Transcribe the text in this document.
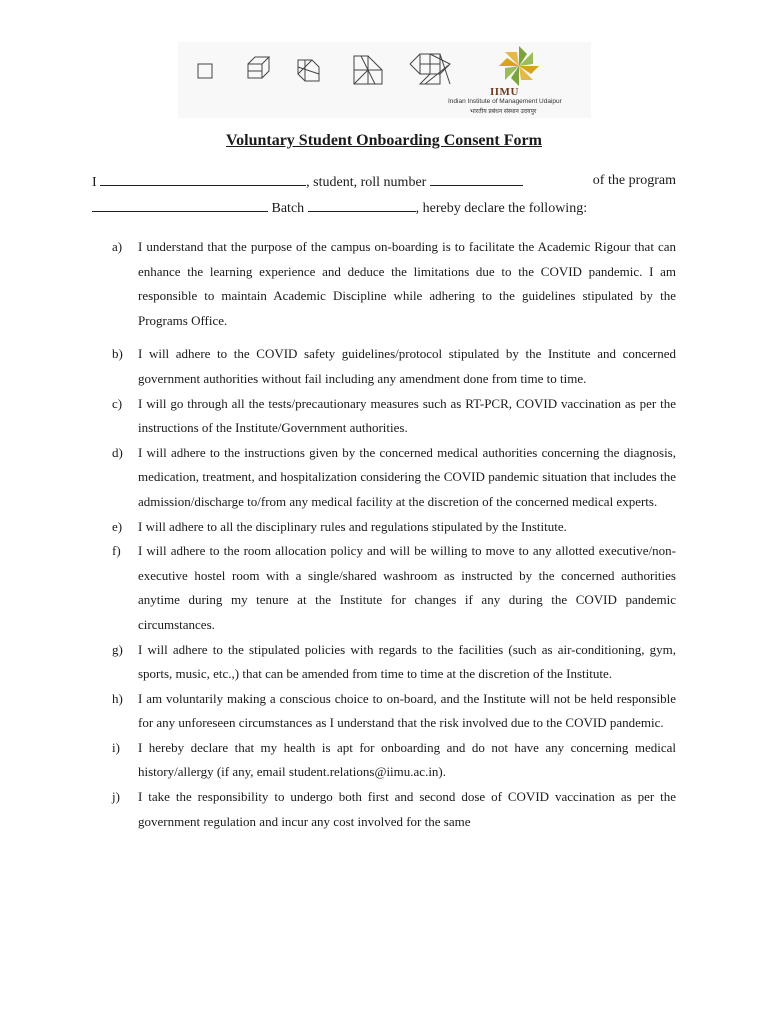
IIMU
Indian Institute of Management Udaipur
भारतीय प्रबंधन संस्थान उदयपुर
Voluntary Student Onboarding Consent Form
I	, student, roll number	of the program
Batch	, hereby declare the following:
a)	I understand that the purpose of the campus on-boarding is to facilitate the Academic Rigour that can enhance the learning experience and deduce the limitations due to the COVID pandemic. I am responsible to maintain Academic Discipline while adhering to the guidelines stipulated by the Programs Office.
b)	I will adhere to the COVID safety guidelines/protocol stipulated by the Institute and concerned government authorities without fail including any amendment done from time to time.
c)	I will go through all the tests/precautionary measures such as RT-PCR, COVID vaccination as per the instructions of the Institute/Government authorities.
d)	I will adhere to the instructions given by the concerned medical authorities concerning the diagnosis, medication, treatment, and hospitalization considering the COVID pandemic situation that includes the admission/discharge to/from any medical facility at the discretion of the concerned medical experts.
e)	I will adhere to all the disciplinary rules and regulations stipulated by the Institute.
f)	I will adhere to the room allocation policy and will be willing to move to any allotted executive/non-executive hostel room with a single/shared washroom as instructed by the concerned authorities anytime during my tenure at the Institute for changes if any during the COVID pandemic circumstances.
g)	I will adhere to the stipulated policies with regards to the facilities (such as air-conditioning, gym, sports, music, etc.,) that can be amended from time to time at the discretion of the Institute.
h)	I am voluntarily making a conscious choice to on-board, and the Institute will not be held responsible for any unforeseen circumstances as I understand that the risk involved due to the COVID pandemic.
i)	I hereby declare that my health is apt for onboarding and do not have any concerning medical history/allergy (if any, email student.relations@iimu.ac.in).
j)	I take the responsibility to undergo both first and second dose of COVID vaccination as per the government regulation and incur any cost involved for the same
